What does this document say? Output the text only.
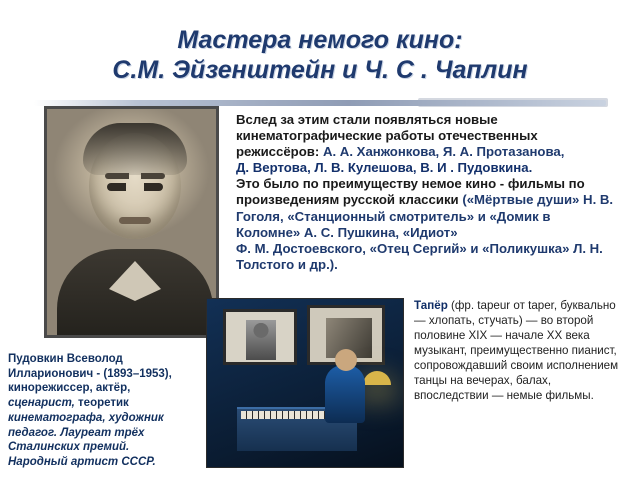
Мастера немого кино:
С.М. Эйзенштейн и Ч. С . Чаплин

Вслед за этим стали появляться новые кинематографические работы отечественных режиссёров: А. А. Ханжонкова, Я. А. Протазанова,

Д. Вертова, Л. В. Кулешова, В. И . Пудовкина.

Это было по преимуществу немое кино - фильмы по произведениям русской классики («Мёртвые души» Н. В. Гоголя, «Станционный смотритель» и «Домик в Коломне» А. С. Пушкина, «Идиот»

Ф. М. Достоевского, «Отец Сергий» и «Поликушка» Л. Н. Толстого и др.).

Пудовкин Всеволод Илларионович - (1893–1953),
кинорежиссер, актёр,
сценарист, теоретик
кинематографа, художник
педагог. Лауреат трёх
Сталинских премий.
Народный артист СССР.
Тапёр (фр. tapeur от taper, буквально — хлопать, стучать) — во второй половине XIX — начале XX века музыкант, преимущественно пианист, сопровождавший своим исполнением танцы на вечерах, балах, впоследствии — немые фильмы.
